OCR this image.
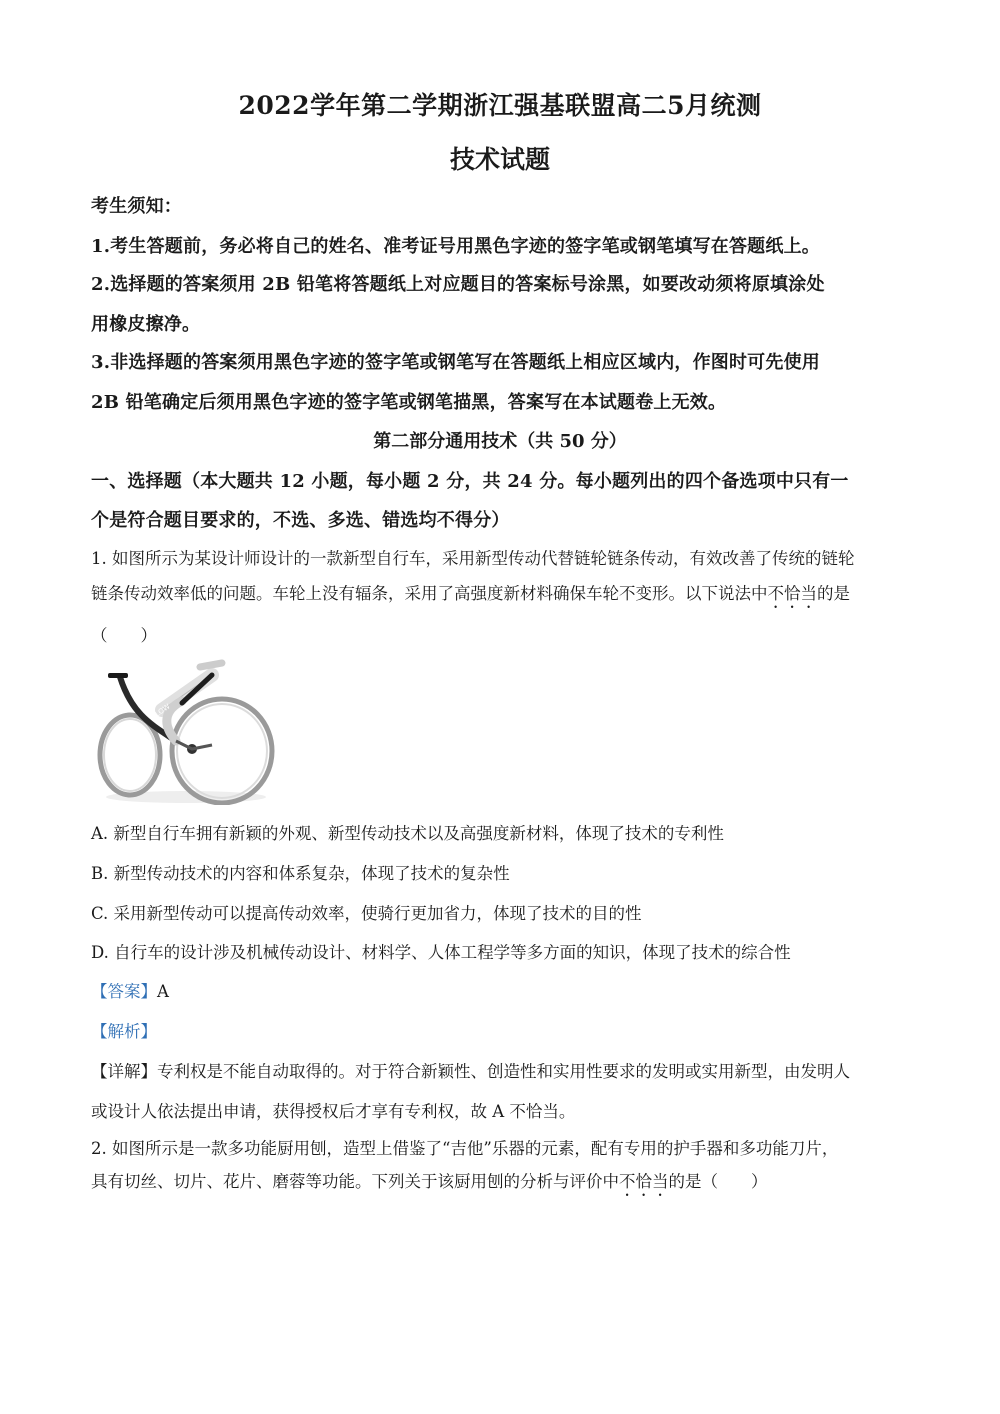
2022学年第二学期浙江强基联盟高二5月统测
技术试题
考生须知：
1.考生答题前，务必将自己的姓名、准考证号用黑色字迹的签字笔或钢笔填写在答题纸上。
2.选择题的答案须用 2B 铅笔将答题纸上对应题目的答案标号涂黑，如要改动须将原填涂处
用橡皮擦净。
3.非选择题的答案须用黑色字迹的签字笔或钢笔写在答题纸上相应区域内，作图时可先使用
2B 铅笔确定后须用黑色字迹的签字笔或钢笔描黑，答案写在本试题卷上无效。
第二部分通用技术（共 50 分）
一、选择题（本大题共 12 小题，每小题 2 分，共 24 分。每小题列出的四个备选项中只有一
个是符合题目要求的，不选、多选、错选均不得分）
1. 如图所示为某设计师设计的一款新型自行车，采用新型传动代替链轮链条传动，有效改善了传统的链轮
链条传动效率低的问题。车轮上没有辐条，采用了高强度新材料确保车轮不变形。以下说法中不恰当的是
（　　）
FLOW
A. 新型自行车拥有新颖的外观、新型传动技术以及高强度新材料，体现了技术的专利性
B. 新型传动技术的内容和体系复杂，体现了技术的复杂性
C. 采用新型传动可以提高传动效率，使骑行更加省力，体现了技术的目的性
D. 自行车的设计涉及机械传动设计、材料学、人体工程学等多方面的知识，体现了技术的综合性
【答案】A
【解析】
【详解】专利权是不能自动取得的。对于符合新颖性、创造性和实用性要求的发明或实用新型，由发明人
或设计人依法提出申请，获得授权后才享有专利权，故 A 不恰当。
2. 如图所示是一款多功能厨用刨，造型上借鉴了“吉他”乐器的元素，配有专用的护手器和多功能刀片，
具有切丝、切片、花片、磨蓉等功能。下列关于该厨用刨的分析与评价中不恰当的是（　　）
